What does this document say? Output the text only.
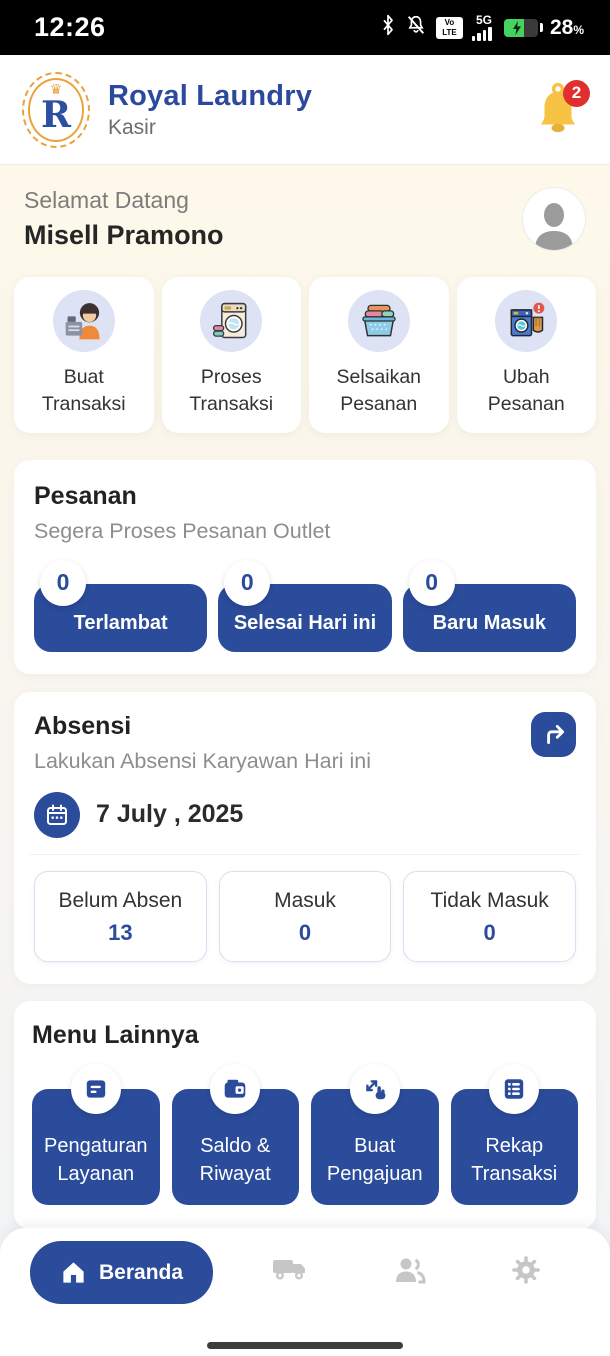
12:26	Vo
LTE
5G	28%
♛
R Royal Laundry
Kasir
2
Selamat Datang
Misell Pramono
Buat
Transaksi
Proses
Transaksi
Selsaikan
Pesanan
Ubah
Pesanan
Pesanan
Segera Proses Pesanan Outlet
0
Terlambat
0
Selesai Hari ini
0
Baru Masuk
Absensi
Lakukan Absensi Karyawan Hari ini
7 July , 2025
Belum Absen
13
Masuk
0
Tidak Masuk
0
Menu Lainnya
Pengaturan
Layanan
Saldo &
Riwayat
Buat
Pengajuan
Rekap
Transaksi
Beranda
